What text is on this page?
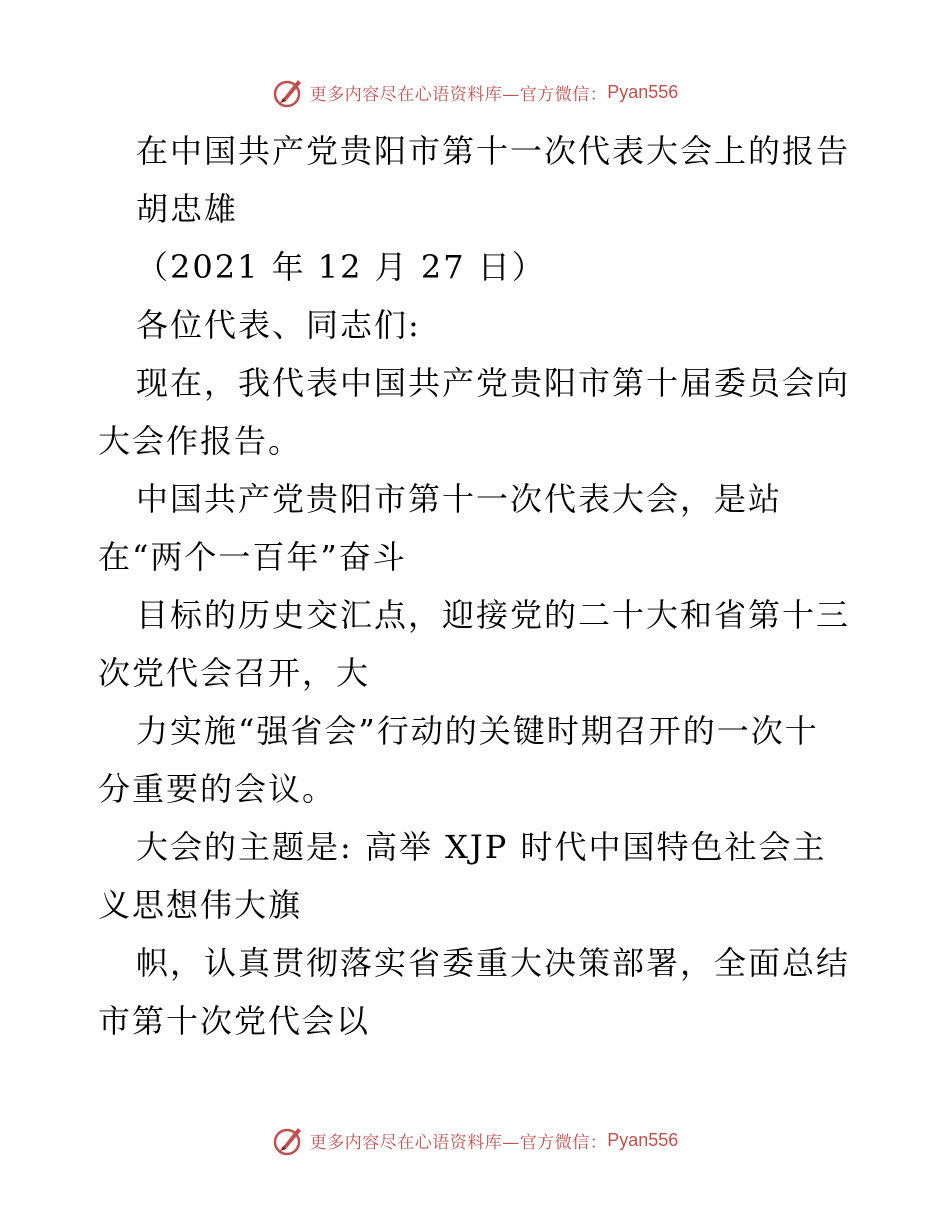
更多内容尽在心语资料库—官方微信： Pyan556
在中国共产党贵阳市第十一次代表大会上的报告
胡忠雄
（2021 年 12 月 27 日）
各位代表、同志们:
现在，我代表中国共产党贵阳市第十届委员会向
大会作报告。
中国共产党贵阳市第十一次代表大会，是站
在“两个一百年”奋斗
目标的历史交汇点，迎接党的二十大和省第十三
次党代会召开，大
力实施“强省会”行动的关键时期召开的一次十
分重要的会议。
大会的主题是: 高举 XJP 时代中国特色社会主
义思想伟大旗
帜，认真贯彻落实省委重大决策部署，全面总结
市第十次党代会以
更多内容尽在心语资料库—官方微信： Pyan556
